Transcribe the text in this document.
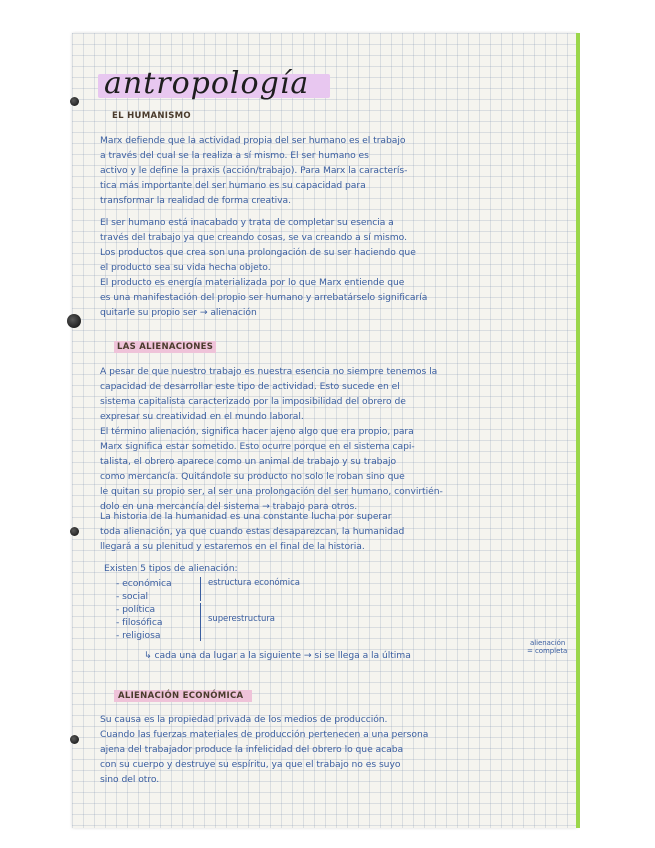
antropología
EL HUMANISMO
Marx defiende que la actividad propia del ser humano es el trabajo
a través del cual se la realiza a sí mismo. El ser humano es
activo y le define la praxis (acción/trabajo). Para Marx la caracterís-
tica más importante del ser humano es su capacidad para
transformar la realidad de forma creativa.
El ser humano está inacabado y trata de completar su esencia a
través del trabajo ya que creando cosas, se va creando a sí mismo.
Los productos que crea son una prolongación de su ser haciendo que
el producto sea su vida hecha objeto.
El producto es energía materializada por lo que Marx entiende que
es una manifestación del propio ser humano y arrebatárselo significaría
quitarle su propio ser → alienación
LAS ALIENACIONES
A pesar de que nuestro trabajo es nuestra esencia no siempre tenemos la
capacidad de desarrollar este tipo de actividad. Esto sucede en el
sistema capitalista caracterizado por la imposibilidad del obrero de
expresar su creatividad en el mundo laboral.
El término alienación, significa hacer ajeno algo que era propio, para
Marx significa estar sometido. Esto ocurre porque en el sistema capi-
talista, el obrero aparece como un animal de trabajo y su trabajo
como mercancía. Quitándole su producto no solo le roban sino que
le quitan su propio ser, al ser una prolongación del ser humano, convirtién-
dolo en una mercancía del sistema → trabajo para otros.
La historia de la humanidad es una constante lucha por superar
toda alienación, ya que cuando estas desaparezcan, la humanidad
llegará a su plenitud y estaremos en el final de la historia.
Existen 5 tipos de alienación:
- económica
- social
- política
- filosófica
- religiosa
estructura económica
superestructura
↳ cada una da lugar a la siguiente → si se llega a la última
alienación
= completa
ALIENACIÓN ECONÓMICA
Su causa es la propiedad privada de los medios de producción.
Cuando las fuerzas materiales de producción pertenecen a una persona
ajena del trabajador produce la infelicidad del obrero lo que acaba
con su cuerpo y destruye su espíritu, ya que el trabajo no es suyo
sino del otro.
